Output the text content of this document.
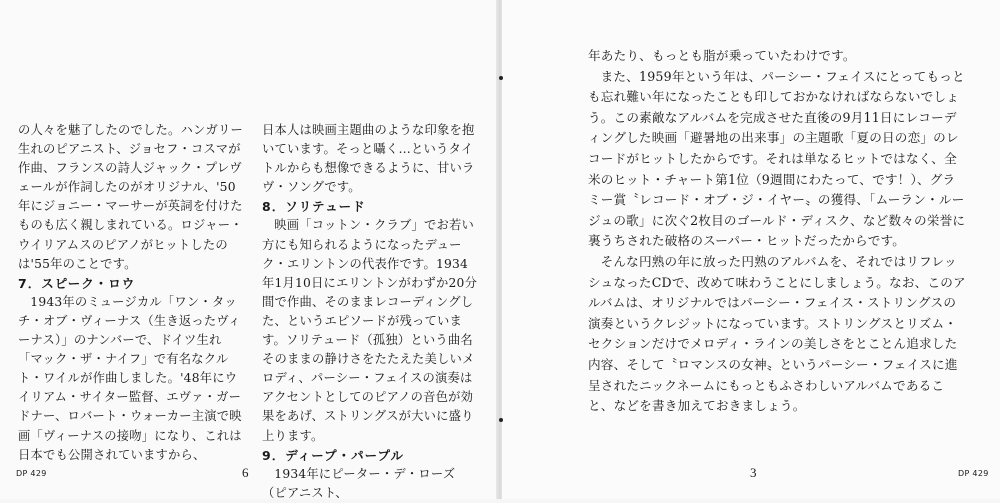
の人々を魅了したのでした。ハンガリー生れのピアニスト、ジョセフ・コスマが作曲、フランスの詩人ジャック・プレヴェールが作詞したのがオリジナル、'50年にジョニー・マーサーが英詞を付けたものも広く親しまれている。ロジャー・ウイリアムスのピアノがヒットしたのは'55年のことです。

7．スピーク・ロウ

1943年のミュージカル「ワン・タッチ・オブ・ヴィーナス（生き返ったヴィーナス）」のナンバーで、ドイツ生れ「マック・ザ・ナイフ」で有名なクルト・ワイルが作曲しました。'48年にウイリアム・サイター監督、エヴァ・ガードナー、ロバート・ウォーカー主演で映画「ヴィーナスの接吻」になり、これは日本でも公開されていますから、

日本人は映画主題曲のような印象を抱いています。そっと囁く…というタイトルからも想像できるように、甘いラヴ・ソングです。

8．ソリテュード

映画「コットン・クラブ」でお若い方にも知られるようになったデューク・エリントンの代表作です。1934年1月10日にエリントンがわずか20分間で作曲、そのままレコーディングした、というエピソードが残っています。ソリテュード（孤独）という曲名そのままの静けさをたたえた美しいメロディ、パーシー・フェイスの演奏はアクセントとしてのピアノの音色が効果をあげ、ストリングスが大いに盛り上ります。

9．ディープ・パープル

1934年にピーター・デ・ローズ（ピアニスト、

DP 429	6

年あたり、もっとも脂が乗っていたわけです。

また、1959年という年は、パーシー・フェイスにとってもっとも忘れ難い年になったことも印しておかなければならないでしょう。この素敵なアルバムを完成させた直後の9月11日にレコーディングした映画「避暑地の出来事」の主題歌「夏の日の恋」のレコードがヒットしたからです。それは単なるヒットではなく、全米のヒット・チャート第1位（9週間にわたって、です！）、グラミー賞〝レコード・オブ・ジ・イヤー〟の獲得、「ムーラン・ルージュの歌」に次ぐ2枚目のゴールド・ディスク、など数々の栄誉に裏うちされた破格のスーパー・ヒットだったからです。

そんな円熟の年に放った円熟のアルバムを、それではリフレッシュなったCDで、改めて味わうことにしましょう。なお、このアルバムは、オリジナルではパーシー・フェイス・ストリングスの演奏というクレジットになっています。ストリングスとリズム・セクションだけでメロディ・ラインの美しさをとことん追求した内容、そして〝ロマンスの女神〟というパーシー・フェイスに進呈されたニックネームにもっともふさわしいアルバムであること、などを書き加えておきましょう。

3	DP 429
